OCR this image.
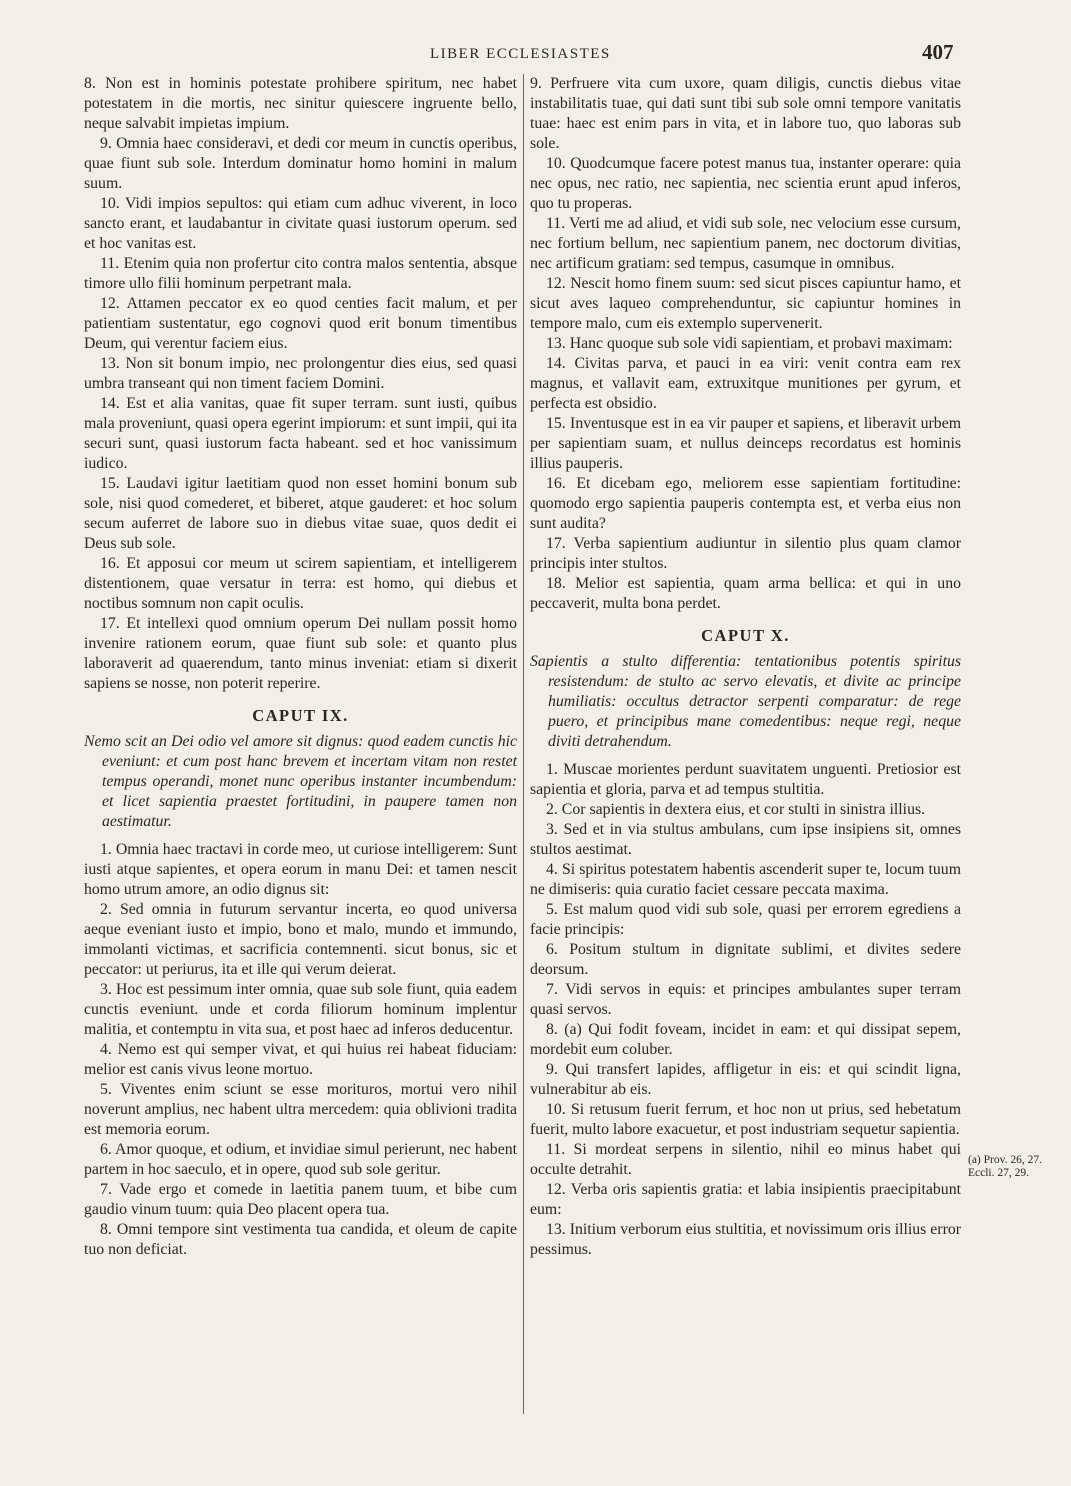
LIBER ECCLESIASTES	407

8. Non est in hominis potestate prohibere spiritum, nec habet potestatem in die mortis, nec sinitur quiescere ingruente bello, neque salvabit impietas impium.

9. Omnia haec consideravi, et dedi cor meum in cunctis operibus, quae fiunt sub sole. Interdum dominatur homo homini in malum suum.

10. Vidi impios sepultos: qui etiam cum adhuc viverent, in loco sancto erant, et laudabantur in civitate quasi iustorum operum. sed et hoc vanitas est.

11. Etenim quia non profertur cito contra malos sententia, absque timore ullo filii hominum perpetrant mala.

12. Attamen peccator ex eo quod centies facit malum, et per patientiam sustentatur, ego cognovi quod erit bonum timentibus Deum, qui verentur faciem eius.

13. Non sit bonum impio, nec prolongentur dies eius, sed quasi umbra transeant qui non timent faciem Domini.

14. Est et alia vanitas, quae fit super terram. sunt iusti, quibus mala proveniunt, quasi opera egerint impiorum: et sunt impii, qui ita securi sunt, quasi iustorum facta habeant. sed et hoc vanissimum iudico.

15. Laudavi igitur laetitiam quod non esset homini bonum sub sole, nisi quod comederet, et biberet, atque gauderet: et hoc solum secum auferret de labore suo in diebus vitae suae, quos dedit ei Deus sub sole.

16. Et apposui cor meum ut scirem sapientiam, et intelligerem distentionem, quae versatur in terra: est homo, qui diebus et noctibus somnum non capit oculis.

17. Et intellexi quod omnium operum Dei nullam possit homo invenire rationem eorum, quae fiunt sub sole: et quanto plus laboraverit ad quaerendum, tanto minus inveniat: etiam si dixerit sapiens se nosse, non poterit reperire.

CAPUT IX.
Nemo scit an Dei odio vel amore sit dignus: quod eadem cunctis hic eveniunt: et cum post hanc brevem et incertam vitam non restet tempus operandi, monet nunc operibus instanter incumbendum: et licet sapientia praestet fortitudini, in paupere tamen non aestimatur.

1. Omnia haec tractavi in corde meo, ut curiose intelligerem: Sunt iusti atque sapientes, et opera eorum in manu Dei: et tamen nescit homo utrum amore, an odio dignus sit:

2. Sed omnia in futurum servantur incerta, eo quod universa aeque eveniant iusto et impio, bono et malo, mundo et immundo, immolanti victimas, et sacrificia contemnenti. sicut bonus, sic et peccator: ut periurus, ita et ille qui verum deierat.

3. Hoc est pessimum inter omnia, quae sub sole fiunt, quia eadem cunctis eveniunt. unde et corda filiorum hominum implentur malitia, et contemptu in vita sua, et post haec ad inferos deducentur.

4. Nemo est qui semper vivat, et qui huius rei habeat fiduciam: melior est canis vivus leone mortuo.

5. Viventes enim sciunt se esse morituros, mortui vero nihil noverunt amplius, nec habent ultra mercedem: quia oblivioni tradita est memoria eorum.

6. Amor quoque, et odium, et invidiae simul perierunt, nec habent partem in hoc saeculo, et in opere, quod sub sole geritur.

7. Vade ergo et comede in laetitia panem tuum, et bibe cum gaudio vinum tuum: quia Deo placent opera tua.

8. Omni tempore sint vestimenta tua candida, et oleum de capite tuo non deficiat.

9. Perfruere vita cum uxore, quam diligis, cunctis diebus vitae instabilitatis tuae, qui dati sunt tibi sub sole omni tempore vanitatis tuae: haec est enim pars in vita, et in labore tuo, quo laboras sub sole.

10. Quodcumque facere potest manus tua, instanter operare: quia nec opus, nec ratio, nec sapientia, nec scientia erunt apud inferos, quo tu properas.

11. Verti me ad aliud, et vidi sub sole, nec velocium esse cursum, nec fortium bellum, nec sapientium panem, nec doctorum divitias, nec artificum gratiam: sed tempus, casumque in omnibus.

12. Nescit homo finem suum: sed sicut pisces capiuntur hamo, et sicut aves laqueo comprehenduntur, sic capiuntur homines in tempore malo, cum eis extemplo supervenerit.

13. Hanc quoque sub sole vidi sapientiam, et probavi maximam:

14. Civitas parva, et pauci in ea viri: venit contra eam rex magnus, et vallavit eam, extruxitque munitiones per gyrum, et perfecta est obsidio.

15. Inventusque est in ea vir pauper et sapiens, et liberavit urbem per sapientiam suam, et nullus deinceps recordatus est hominis illius pauperis.

16. Et dicebam ego, meliorem esse sapientiam fortitudine: quomodo ergo sapientia pauperis contempta est, et verba eius non sunt audita?

17. Verba sapientium audiuntur in silentio plus quam clamor principis inter stultos.

18. Melior est sapientia, quam arma bellica: et qui in uno peccaverit, multa bona perdet.

CAPUT X.
Sapientis a stulto differentia: tentationibus potentis spiritus resistendum: de stulto ac servo elevatis, et divite ac principe humiliatis: occultus detractor serpenti comparatur: de rege puero, et principibus mane comedentibus: neque regi, neque diviti detrahendum.

1. Muscae morientes perdunt suavitatem unguenti. Pretiosior est sapientia et gloria, parva et ad tempus stultitia.

2. Cor sapientis in dextera eius, et cor stulti in sinistra illius.

3. Sed et in via stultus ambulans, cum ipse insipiens sit, omnes stultos aestimat.

4. Si spiritus potestatem habentis ascenderit super te, locum tuum ne dimiseris: quia curatio faciet cessare peccata maxima.

5. Est malum quod vidi sub sole, quasi per errorem egrediens a facie principis:

6. Positum stultum in dignitate sublimi, et divites sedere deorsum.

7. Vidi servos in equis: et principes ambulantes super terram quasi servos.

8. (a) Qui fodit foveam, incidet in eam: et qui dissipat sepem, mordebit eum coluber.

9. Qui transfert lapides, affligetur in eis: et qui scindit ligna, vulnerabitur ab eis.

10. Si retusum fuerit ferrum, et hoc non ut prius, sed hebetatum fuerit, multo labore exacuetur, et post industriam sequetur sapientia.

11. Si mordeat serpens in silentio, nihil eo minus habet qui occulte detrahit.

12. Verba oris sapientis gratia: et labia insipientis praecipitabunt eum:

13. Initium verborum eius stultitia, et novissimum oris illius error pessimus.

(a) Prov. 26, 27. Eccli. 27, 29.
